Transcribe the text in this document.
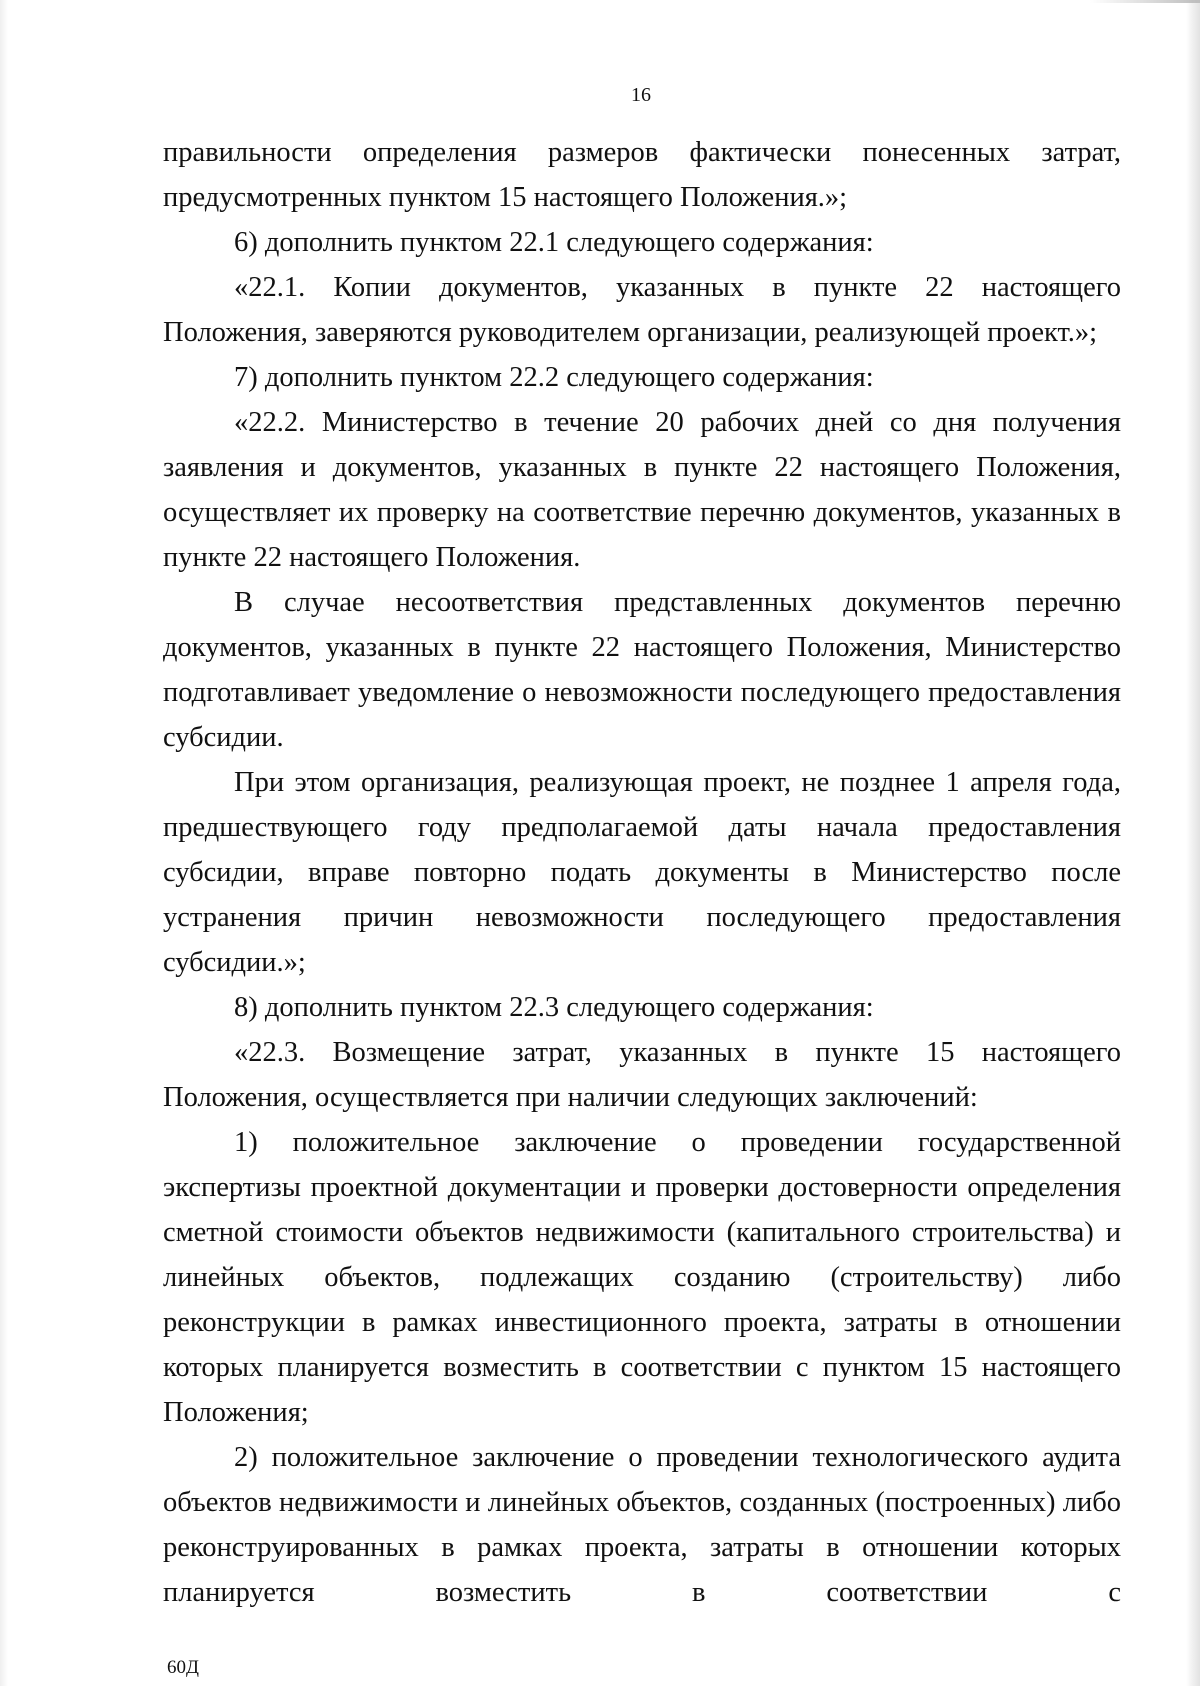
16

правильности определения размеров фактически понесенных затрат, предусмотренных пунктом 15 настоящего Положения.»;

6) дополнить пунктом 22.1 следующего содержания:

«22.1. Копии документов, указанных в пункте 22 настоящего Положения, заверяются руководителем организации, реализующей проект.»;

7) дополнить пунктом 22.2 следующего содержания:

«22.2. Министерство в течение 20 рабочих дней со дня получения заявления и документов, указанных в пункте 22 настоящего Положения, осуществляет их проверку на соответствие перечню документов, указанных в пункте 22 настоящего Положения.

В случае несоответствия представленных документов перечню документов, указанных в пункте 22 настоящего Положения, Министерство подготавливает уведомление о невозможности последующего предоставления субсидии.

При этом организация, реализующая проект, не позднее 1 апреля года, предшествующего году предполагаемой даты начала предоставления субсидии, вправе повторно подать документы в Министерство после устранения причин невозможности последующего предоставления субсидии.»;

8) дополнить пунктом 22.3 следующего содержания:

«22.3. Возмещение затрат, указанных в пункте 15 настоящего Положения, осуществляется при наличии следующих заключений:

1) положительное заключение о проведении государственной экспертизы проектной документации и проверки достоверности определения сметной стоимости объектов недвижимости (капитального строительства) и линейных объектов, подлежащих созданию (строительству) либо реконструкции в рамках инвестиционного проекта, затраты в отношении которых планируется возместить в соответствии с пунктом 15 настоящего Положения;

2) положительное заключение о проведении технологического аудита объектов недвижимости и линейных объектов, созданных (построенных) либо реконструированных в рамках проекта, затраты в отношении которых планируется возместить в соответствии с

60Д
